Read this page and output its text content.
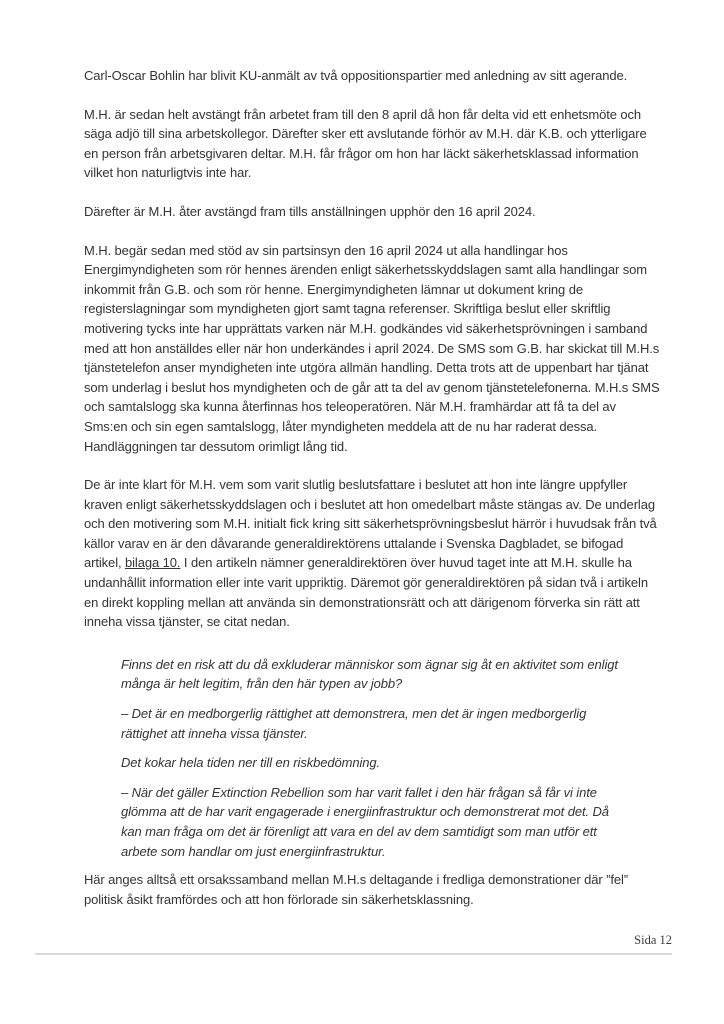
Carl-Oscar Bohlin har blivit KU-anmält av två oppositionspartier med anledning av sitt agerande.

M.H. är sedan helt avstängt från arbetet fram till den 8 april då hon får delta vid ett enhetsmöte och säga adjö till sina arbetskollegor. Därefter sker ett avslutande förhör av M.H. där K.B. och ytterligare en person från arbetsgivaren deltar. M.H. får frågor om hon har läckt säkerhetsklassad information vilket hon naturligtvis inte har.

Därefter är M.H. åter avstängd fram tills anställningen upphör den 16 april 2024.

M.H. begär sedan med stöd av sin partsinsyn den 16 april 2024 ut alla handlingar hos Energimyndigheten som rör hennes ärenden enligt säkerhetsskyddslagen samt alla handlingar som inkommit från G.B. och som rör henne. Energimyndigheten lämnar ut dokument kring de registerslagningar som myndigheten gjort samt tagna referenser. Skriftliga beslut eller skriftlig motivering tycks inte har upprättats varken när M.H. godkändes vid säkerhetsprövningen i samband med att hon anställdes eller när hon underkändes i april 2024. De SMS som G.B. har skickat till M.H.s tjänstetelefon anser myndigheten inte utgöra allmän handling. Detta trots att de uppenbart har tjänat som underlag i beslut hos myndigheten och de går att ta del av genom tjänstetelefonerna. M.H.s SMS och samtalslogg ska kunna återfinnas hos teleoperatören. När M.H. framhärdar att få ta del av Sms:en och sin egen samtalslogg, låter myndigheten meddela att de nu har raderat dessa. Handläggningen tar dessutom orimligt lång tid.

De är inte klart för M.H. vem som varit slutlig beslutsfattare i beslutet att hon inte längre uppfyller kraven enligt säkerhetsskyddslagen och i beslutet att hon omedelbart måste stängas av. De underlag och den motivering som M.H. initialt fick kring sitt säkerhetsprövningsbeslut härrör i huvudsak från två källor varav en är den dåvarande generaldirektörens uttalande i Svenska Dagbladet, se bifogad artikel, bilaga 10. I den artikeln nämner generaldirektören över huvud taget inte att M.H. skulle ha undanhållit information eller inte varit uppriktig. Däremot gör generaldirektören på sidan två i artikeln en direkt koppling mellan att använda sin demonstrationsrätt och att därigenom förverka sin rätt att inneha vissa tjänster, se citat nedan.

Finns det en risk att du då exkluderar människor som ägnar sig åt en aktivitet som enligt många är helt legitim, från den här typen av jobb?

– Det är en medborgerlig rättighet att demonstrera, men det är ingen medborgerlig rättighet att inneha vissa tjänster.

Det kokar hela tiden ner till en riskbedömning.

– När det gäller Extinction Rebellion som har varit fallet i den här frågan så får vi inte glömma att de har varit engagerade i energiinfrastruktur och demonstrerat mot det. Då kan man fråga om det är förenligt att vara en del av dem samtidigt som man utför ett arbete som handlar om just energiinfrastruktur.

Här anges alltså ett orsakssamband mellan M.H.s deltagande i fredliga demonstrationer där ”fel” politisk åsikt framfördes och att hon förlorade sin säkerhetsklassning.

Sida 12
